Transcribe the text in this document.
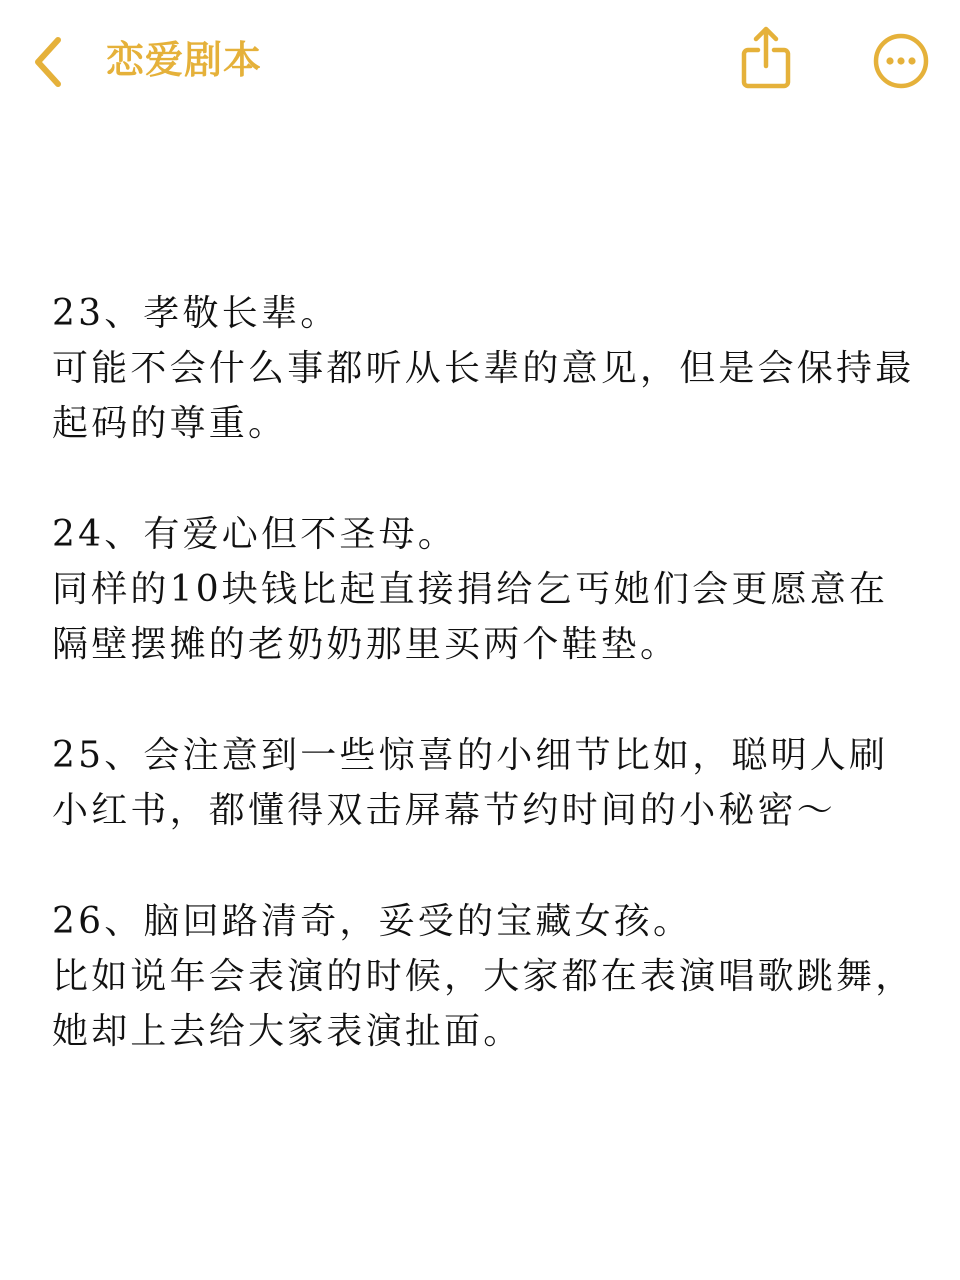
恋爱剧本

23、孝敬长辈。

可能不会什么事都听从长辈的意见，但是会保持最起码的尊重。

24、有爱心但不圣母。

同样的10块钱比起直接捐给乞丐她们会更愿意在隔壁摆摊的老奶奶那里买两个鞋垫。

25、会注意到一些惊喜的小细节比如，聪明人刷小红书，都懂得双击屏幕节约时间的小秘密～

26、脑回路清奇，妥受的宝藏女孩。

比如说年会表演的时候，大家都在表演唱歌跳舞，她却上去给大家表演扯面。
